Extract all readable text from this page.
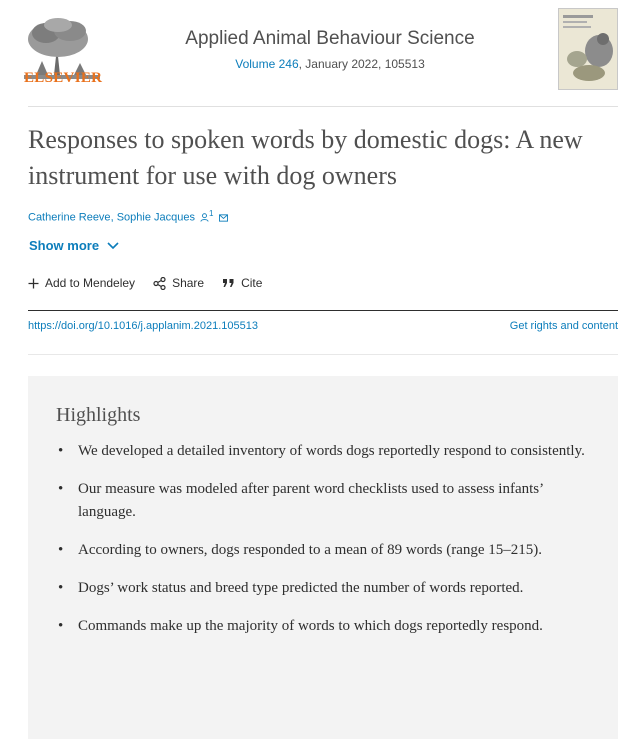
ELSEVIER
Applied Animal Behaviour Science
Volume 246, January 2022, 105513
Responses to spoken words by domestic dogs: A new instrument for use with dog owners
Catherine Reeve, Sophie Jacques $^1$
Show more
Add to Mendeley	Share	Cite
https://doi.org/10.1016/j.applanim.2021.105513	Get rights and content
Highlights
• We developed a detailed inventory of words dogs reportedly respond to consistently.
• Our measure was modeled after parent word checklists used to assess infants’ language.
• According to owners, dogs responded to a mean of 89 words (range 15–215).
• Dogs’ work status and breed type predicted the number of words reported.
• Commands make up the majority of words to which dogs reportedly respond.
